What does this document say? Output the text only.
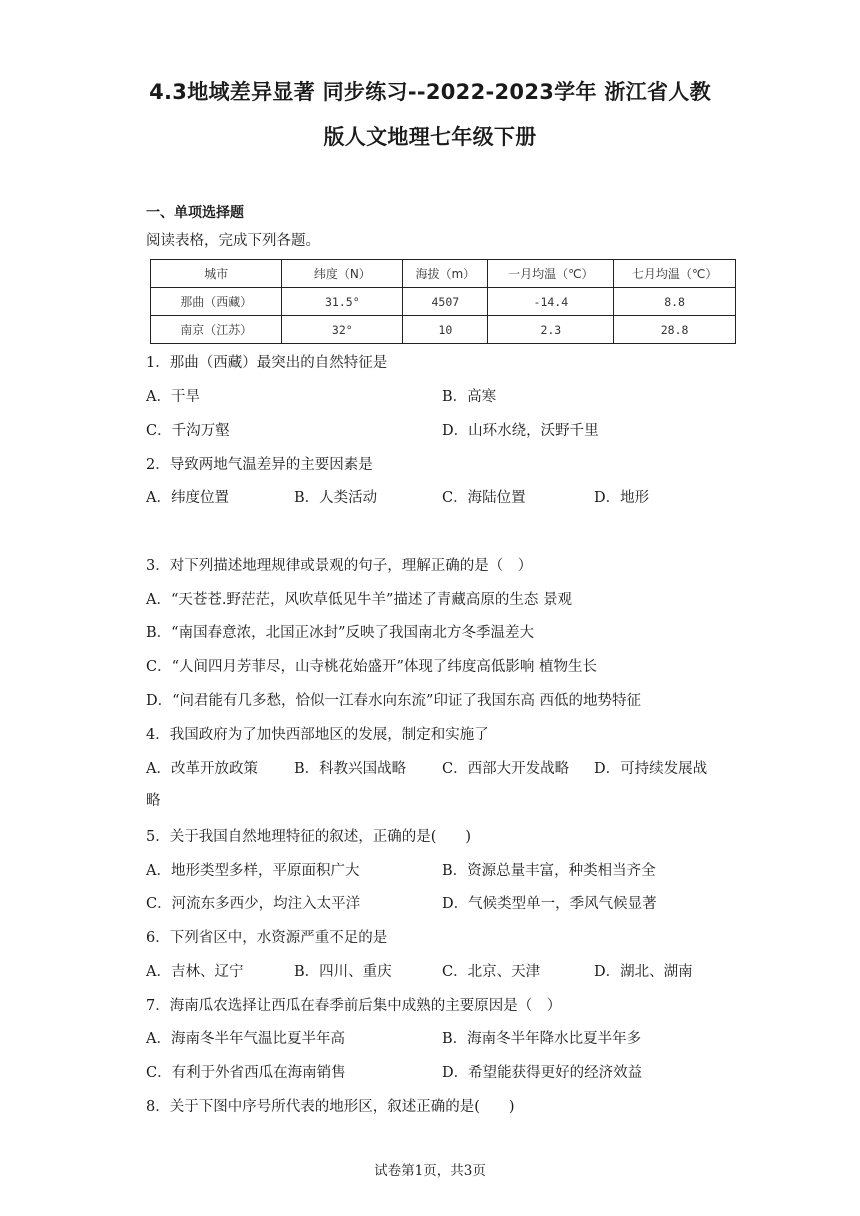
4.3地域差异显著 同步练习--2022-2023学年 浙江省人教
版人文地理七年级下册
一、单项选择题
阅读表格，完成下列各题。
城市	纬度（N）	海拔（m）	一月均温（℃）	七月均温（℃）
那曲（西藏）	31.5°	4507	-14.4	8.8
南京（江苏）	32°	10	2.3	28.8
1．那曲（西藏）最突出的自然特征是
A．干旱	B．高寒
C．千沟万壑	D．山环水绕，沃野千里
2．导致两地气温差异的主要因素是
A．纬度位置	B．人类活动	C．海陆位置	D．地形
3．对下列描述地理规律或景观的句子，理解正确的是（　）
A．“天苍苍.野茫茫，风吹草低见牛羊”描述了青藏高原的生态 景观
B．“南国春意浓，北国正冰封”反映了我国南北方冬季温差大
C．“人间四月芳菲尽，山寺桃花始盛开”体现了纬度高低影响 植物生长
D．“问君能有几多愁，恰似一江春水向东流”印证了我国东高 西低的地势特征
4．我国政府为了加快西部地区的发展，制定和实施了
A．改革开放政策 B．科教兴国战略 C．西部大开发战略 D．可持续发展战
略
5．关于我国自然地理特征的叙述，正确的是(　　)
A．地形类型多样，平原面积广大	B．资源总量丰富，种类相当齐全
C．河流东多西少，均注入太平洋	D．气候类型单一，季风气候显著
6．下列省区中，水资源严重不足的是
A．吉林、辽宁	B．四川、重庆	C．北京、天津	D．湖北、湖南
7．海南瓜农选择让西瓜在春季前后集中成熟的主要原因是（　）
A．海南冬半年气温比夏半年高	B．海南冬半年降水比夏半年多
C．有利于外省西瓜在海南销售	D．希望能获得更好的经济效益
8．关于下图中序号所代表的地形区，叙述正确的是(　　)
试卷第1页，共3页
